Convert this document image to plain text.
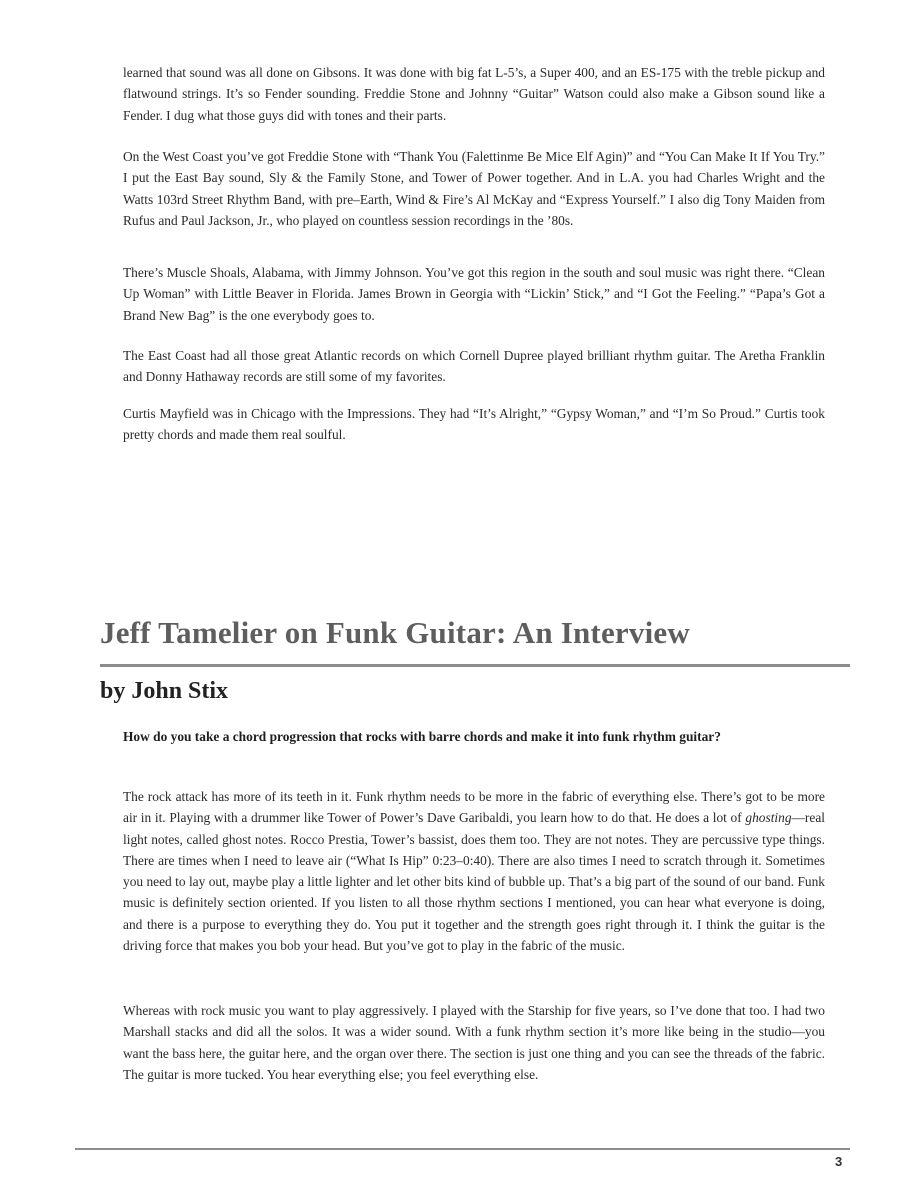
learned that sound was all done on Gibsons. It was done with big fat L-5’s, a Super 400, and an ES-175 with the treble pickup and flatwound strings. It’s so Fender sounding. Freddie Stone and Johnny “Guitar” Watson could also make a Gibson sound like a Fender. I dug what those guys did with tones and their parts.

On the West Coast you’ve got Freddie Stone with “Thank You (Falettinme Be Mice Elf Agin)” and “You Can Make It If You Try.” I put the East Bay sound, Sly & the Family Stone, and Tower of Power together. And in L.A. you had Charles Wright and the Watts 103rd Street Rhythm Band, with pre–Earth, Wind & Fire’s Al McKay and “Express Yourself.” I also dig Tony Maiden from Rufus and Paul Jackson, Jr., who played on countless session recordings in the ’80s.

There’s Muscle Shoals, Alabama, with Jimmy Johnson. You’ve got this region in the south and soul music was right there. “Clean Up Woman” with Little Beaver in Florida. James Brown in Georgia with “Lickin’ Stick,” and “I Got the Feeling.” “Papa’s Got a Brand New Bag” is the one everybody goes to.

The East Coast had all those great Atlantic records on which Cornell Dupree played brilliant rhythm guitar. The Aretha Franklin and Donny Hathaway records are still some of my favorites.

Curtis Mayfield was in Chicago with the Impressions. They had “It’s Alright,” “Gypsy Woman,” and “I’m So Proud.” Curtis took pretty chords and made them real soulful.

Jeff Tamelier on Funk Guitar: An Interview
by John Stix

How do you take a chord progression that rocks with barre chords and make it into funk rhythm guitar?

The rock attack has more of its teeth in it. Funk rhythm needs to be more in the fabric of everything else. There’s got to be more air in it. Playing with a drummer like Tower of Power’s Dave Garibaldi, you learn how to do that. He does a lot of ghosting—real light notes, called ghost notes. Rocco Prestia, Tower’s bassist, does them too. They are not notes. They are percussive type things. There are times when I need to leave air (“What Is Hip” 0:23–0:40). There are also times I need to scratch through it. Sometimes you need to lay out, maybe play a little lighter and let other bits kind of bubble up. That’s a big part of the sound of our band. Funk music is definitely section oriented. If you listen to all those rhythm sections I mentioned, you can hear what everyone is doing, and there is a purpose to everything they do. You put it together and the strength goes right through it. I think the guitar is the driving force that makes you bob your head. But you’ve got to play in the fabric of the music.

Whereas with rock music you want to play aggressively. I played with the Starship for five years, so I’ve done that too. I had two Marshall stacks and did all the solos. It was a wider sound. With a funk rhythm section it’s more like being in the studio—you want the bass here, the guitar here, and the organ over there. The section is just one thing and you can see the threads of the fabric. The guitar is more tucked. You hear everything else; you feel everything else.

3
